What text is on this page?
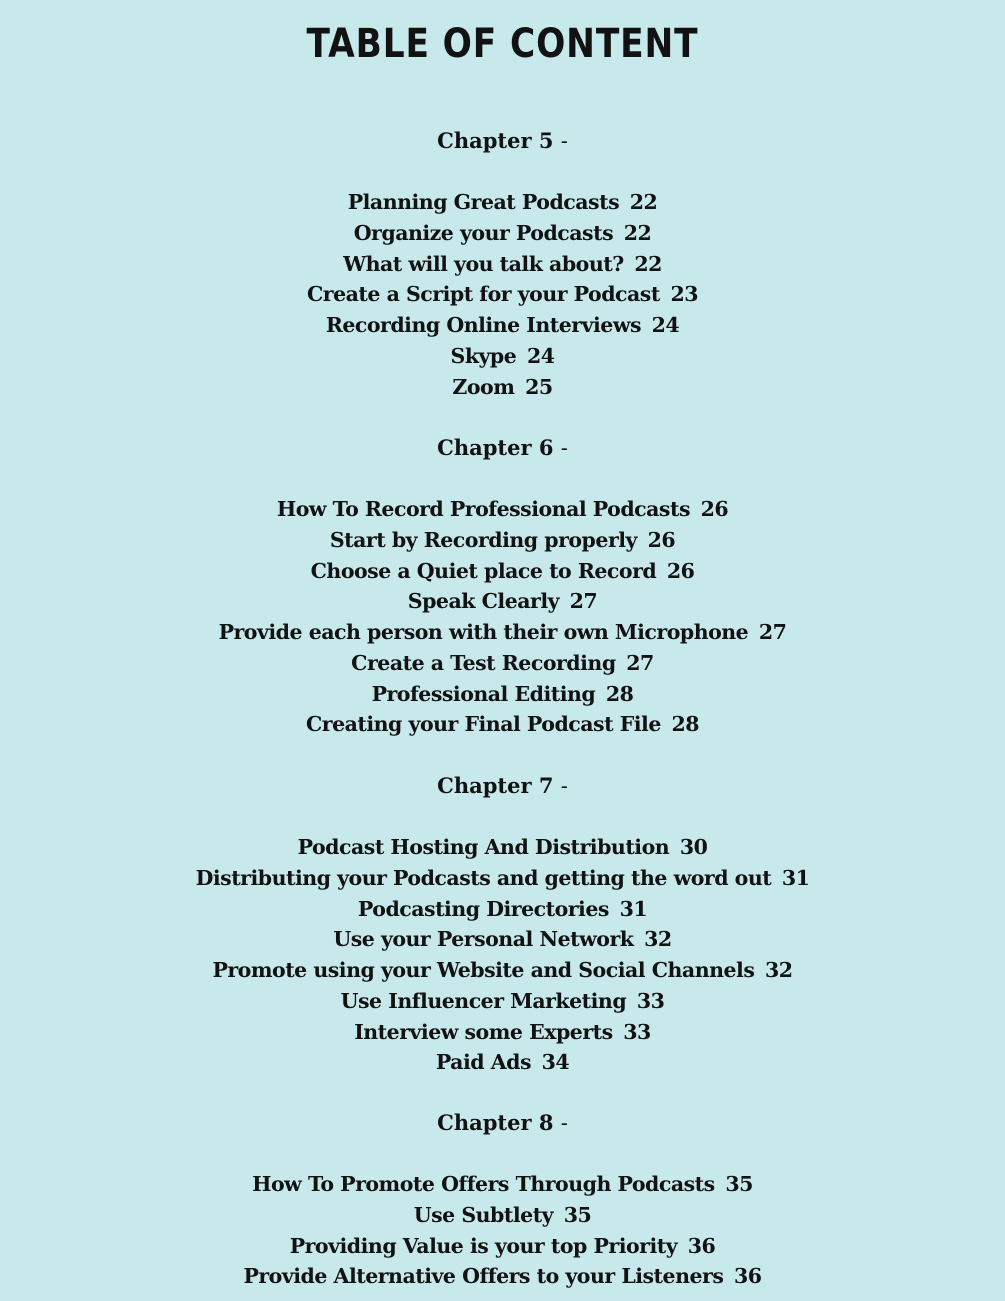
TABLE OF CONTENT
Chapter 5 -
Planning Great Podcasts 22
Organize your Podcasts 22
What will you talk about? 22
Create a Script for your Podcast 23
Recording Online Interviews 24
Skype 24
Zoom 25
Chapter 6 -
How To Record Professional Podcasts 26
Start by Recording properly 26
Choose a Quiet place to Record 26
Speak Clearly 27
Provide each person with their own Microphone 27
Create a Test Recording 27
Professional Editing 28
Creating your Final Podcast File 28
Chapter 7 -
Podcast Hosting And Distribution 30
Distributing your Podcasts and getting the word out 31
Podcasting Directories 31
Use your Personal Network 32
Promote using your Website and Social Channels 32
Use Influencer Marketing 33
Interview some Experts 33
Paid Ads 34
Chapter 8 -
How To Promote Offers Through Podcasts 35
Use Subtlety 35
Providing Value is your top Priority 36
Provide Alternative Offers to your Listeners 36
